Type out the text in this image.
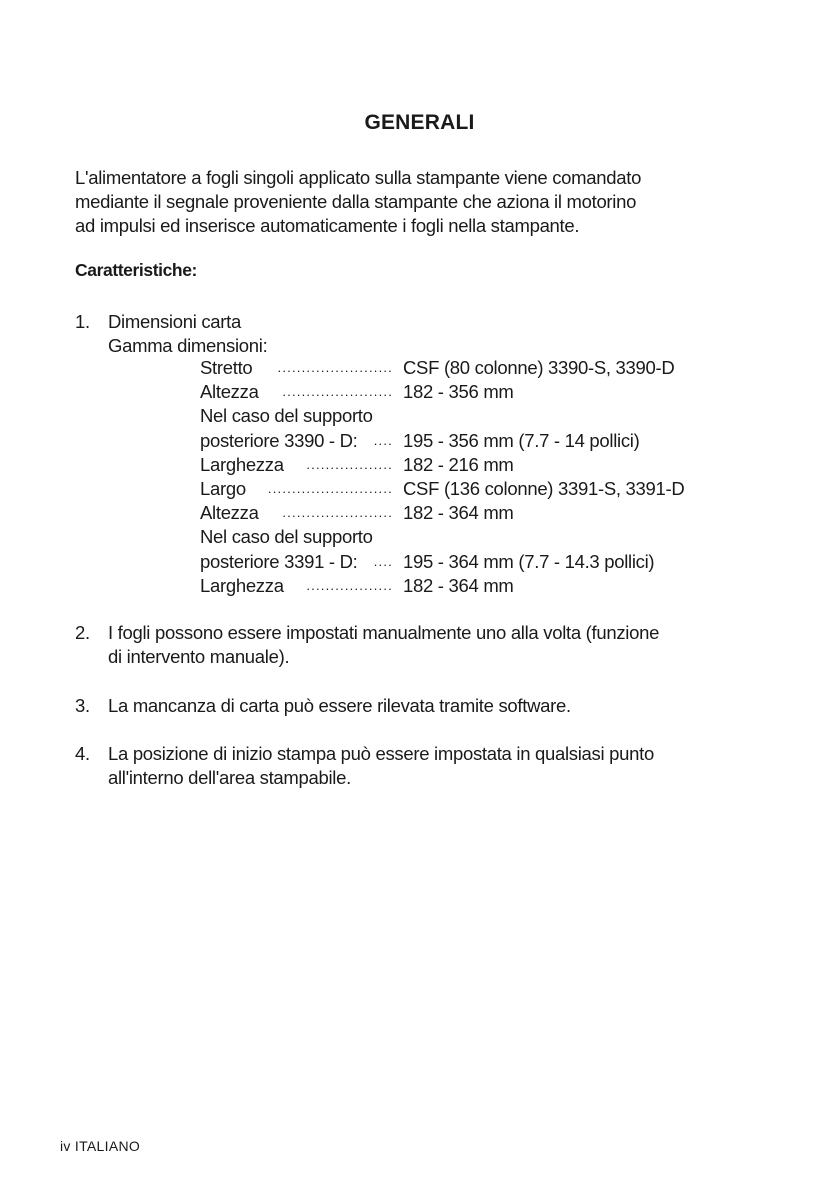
GENERALI
L'alimentatore a fogli singoli applicato sulla stampante viene comandato
mediante il segnale proveniente dalla stampante che aziona il motorino
ad impulsi ed inserisce automaticamente i fogli nella stampante.
Caratteristiche:
1. Dimensioni carta
Gamma dimensioni:
Stretto	CSF (80 colonne) 3390-S, 3390-D
........................
Altezza	182 - 356 mm
.......................
Nel caso del supporto
posteriore 3390 - D: 195 - 356 mm (7.7 - 14 pollici)
....
Larghezza	182 - 216 mm
..................
Largo	CSF (136 colonne) 3391-S, 3391-D
..........................
Altezza	182 - 364 mm
.......................
Nel caso del supporto
posteriore 3391 - D: 195 - 364 mm (7.7 - 14.3 pollici)
....
Larghezza	182 - 364 mm
..................
2. I fogli possono essere impostati manualmente uno alla volta (funzione
di intervento manuale).
3. La mancanza di carta può essere rilevata tramite software.
4. La posizione di inizio stampa può essere impostata in qualsiasi punto
all'interno dell'area stampabile.
iv ITALIANO
